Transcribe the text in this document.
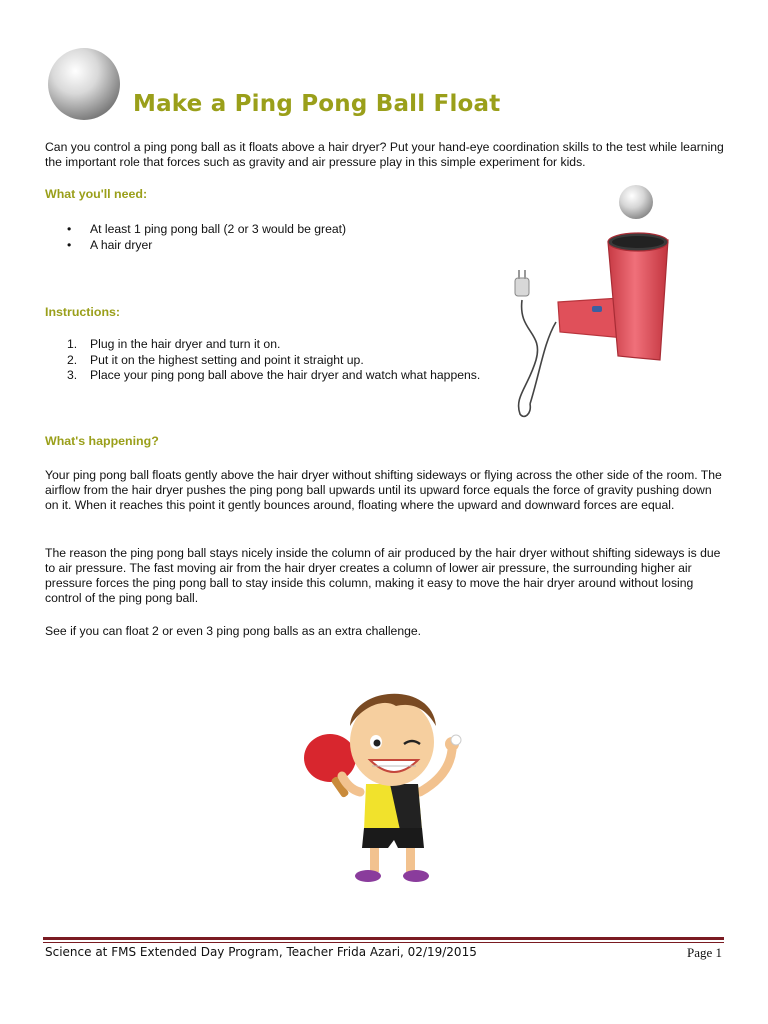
Make a Ping Pong Ball Float

Can you control a ping pong ball as it floats above a hair dryer? Put your hand-eye coordination skills to the test while learning the important role that forces such as gravity and air pressure play in this simple experiment for kids.

What you'll need:
• At least 1 ping pong ball (2 or 3 would be great)
• A hair dryer
Instructions:
1. Plug in the hair dryer and turn it on.
2. Put it on the highest setting and point it straight up.
3. Place your ping pong ball above the hair dryer and watch what happens.
What's happening?

Your ping pong ball floats gently above the hair dryer without shifting sideways or flying across the other side of the room. The airflow from the hair dryer pushes the ping pong ball upwards until its upward force equals the force of gravity pushing down on it. When it reaches this point it gently bounces around, floating where the upward and downward forces are equal.

The reason the ping pong ball stays nicely inside the column of air produced by the hair dryer without shifting sideways is due to air pressure. The fast moving air from the hair dryer creates a column of lower air pressure, the surrounding higher air pressure forces the ping pong ball to stay inside this column, making it easy to move the hair dryer around without losing control of the ping pong ball.

See if you can float 2 or even 3 ping pong balls as an extra challenge.

Science at FMS Extended Day Program, Teacher Frida Azari, 02/19/2015	Page 1
